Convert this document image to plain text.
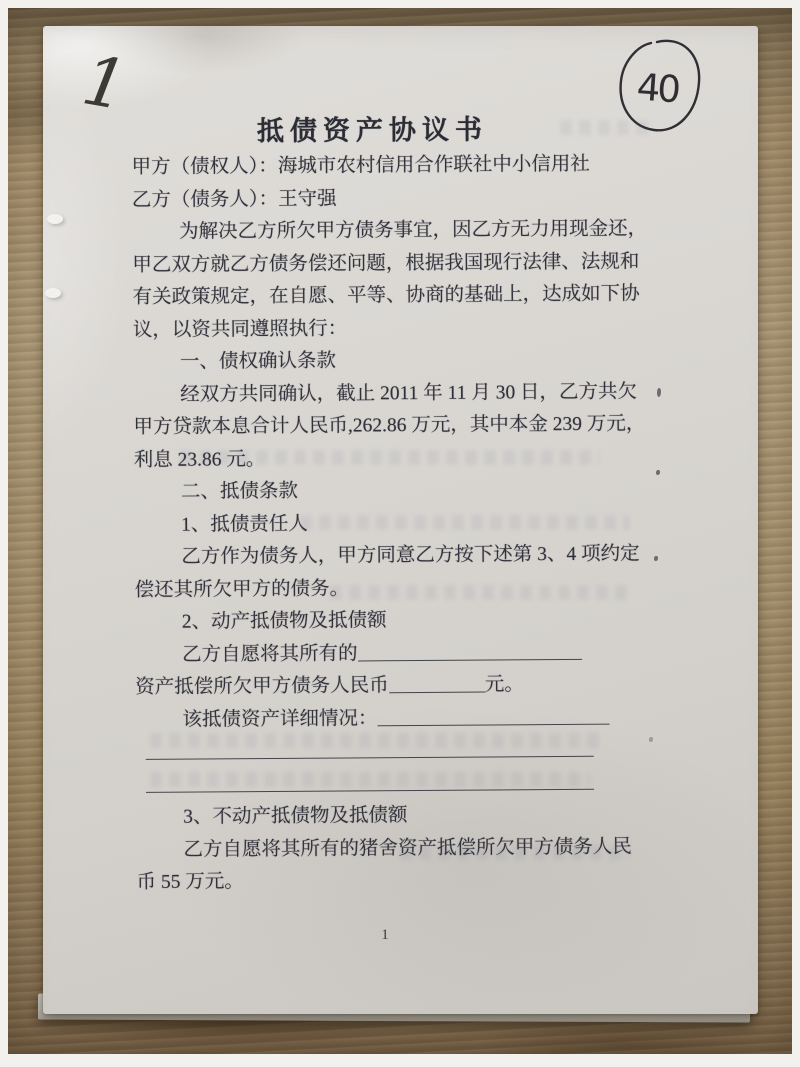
1	40
抵债资产协议书
甲方（债权人）：海城市农村信用合作联社中小信用社
乙方（债务人）：王守强
为解决乙方所欠甲方债务事宜，因乙方无力用现金还，
甲乙双方就乙方债务偿还问题，根据我国现行法律、法规和
有关政策规定，在自愿、平等、协商的基础上，达成如下协
议，以资共同遵照执行：
一、债权确认条款
经双方共同确认，截止 2011 年 11 月 30 日，乙方共欠
甲方贷款本息合计人民币,262.86 万元，其中本金 239 万元，
利息 23.86 元。
二、抵债条款
1、抵债责任人
乙方作为债务人，甲方同意乙方按下述第 3、4 项约定
偿还其所欠甲方的债务。
2、动产抵债物及抵债额
乙方自愿将其所有的
资产抵偿所欠甲方债务人民币	元。
该抵债资产详细情况：
3、不动产抵债物及抵债额
乙方自愿将其所有的猪舍资产抵偿所欠甲方债务人民
币 55 万元。
1
